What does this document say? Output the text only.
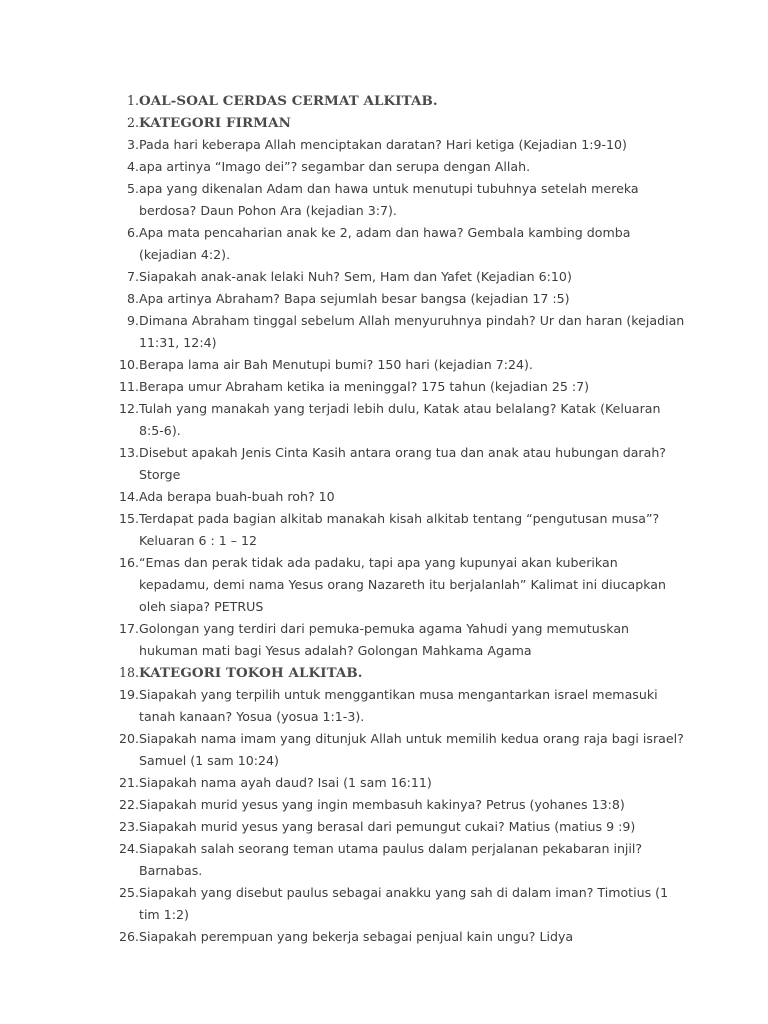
1. OAL-SOAL CERDAS CERMAT ALKITAB.
2. KATEGORI FIRMAN
3. Pada hari keberapa Allah menciptakan daratan? Hari ketiga (Kejadian 1:9-10)
4. apa artinya “Imago dei”? segambar dan serupa dengan Allah.
5. apa yang dikenalan Adam dan hawa untuk menutupi tubuhnya setelah mereka berdosa? Daun Pohon Ara (kejadian 3:7).
6. Apa mata pencaharian anak ke 2, adam dan hawa? Gembala kambing domba (kejadian 4:2).
7. Siapakah anak-anak lelaki Nuh? Sem, Ham dan Yafet (Kejadian 6:10)
8. Apa artinya Abraham? Bapa sejumlah besar bangsa (kejadian 17 :5)
9. Dimana Abraham tinggal sebelum Allah menyuruhnya pindah? Ur dan haran (kejadian 11:31, 12:4)
10. Berapa lama air Bah Menutupi bumi? 150 hari (kejadian 7:24).
11. Berapa umur Abraham ketika ia meninggal? 175 tahun (kejadian 25 :7)
12. Tulah yang manakah yang terjadi lebih dulu, Katak atau belalang? Katak (Keluaran 8:5-6).
13. Disebut apakah Jenis Cinta Kasih antara orang tua dan anak atau hubungan darah? Storge
14. Ada berapa buah-buah roh? 10
15. Terdapat pada bagian alkitab manakah kisah alkitab tentang “pengutusan musa”? Keluaran 6 : 1 – 12
16. “Emas dan perak tidak ada padaku, tapi apa yang kupunyai akan kuberikan kepadamu, demi nama Yesus orang Nazareth itu berjalanlah” Kalimat ini diucapkan oleh siapa? PETRUS
17. Golongan yang terdiri dari pemuka-pemuka agama Yahudi yang memutuskan hukuman mati bagi Yesus adalah? Golongan Mahkama Agama
18. KATEGORI TOKOH ALKITAB.
19. Siapakah yang terpilih untuk menggantikan musa mengantarkan israel memasuki tanah kanaan? Yosua (yosua 1:1-3).
20. Siapakah nama imam yang ditunjuk Allah untuk memilih kedua orang raja bagi israel? Samuel (1 sam 10:24)
21. Siapakah nama ayah daud? Isai (1 sam 16:11)
22. Siapakah murid yesus yang ingin membasuh kakinya? Petrus (yohanes 13:8)
23. Siapakah murid yesus yang berasal dari pemungut cukai? Matius (matius 9 :9)
24. Siapakah salah seorang teman utama paulus dalam perjalanan pekabaran injil? Barnabas.
25. Siapakah yang disebut paulus sebagai anakku yang sah di dalam iman? Timotius (1 tim 1:2)
26. Siapakah perempuan yang bekerja sebagai penjual kain ungu? Lidya
